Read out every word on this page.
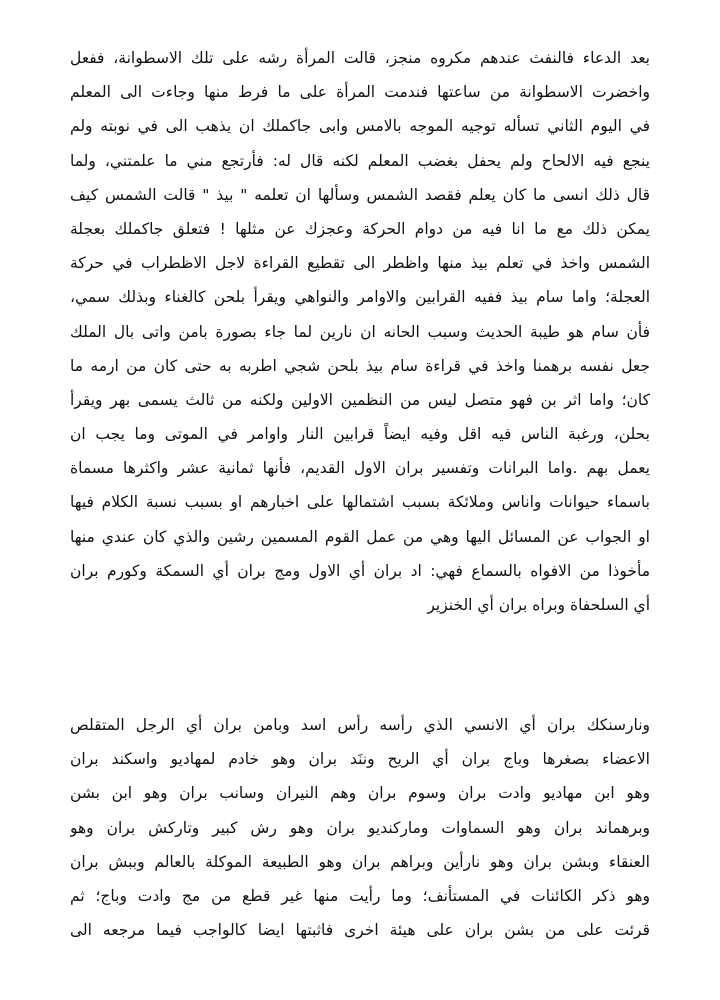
بعد الدعاء فالنفث عندهم مكروه منجز، قالت المرأة رشه على تلك الاسطوانة، ففعل
واخضرت الاسطوانة من ساعتها فندمت المرأة على ما فرط منها وجاءت الى المعلم
في اليوم الثاني تسأله توجيه الموجه بالامس وابى جاكملك ان يذهب الى في نوبته ولم
ينجع فيه الالحاح ولم يحفل بغضب المعلم لكنه قال له: فأرتجع مني ما علمتني، ولما
قال ذلك انسى ما كان يعلم فقصد الشمس وسألها ان تعلمه " بيذ " قالت الشمس كيف
يمكن ذلك مع ما انا فيه من دوام الحركة وعجزك عن مثلها ! فتعلق جاكملك بعجلة
الشمس واخذ في تعلم بيذ منها واظطر الى تقطيع القراءة لاجل الاظطراب في حركة
العجلة؛ واما سام بيذ ففيه القرابين والاوامر والنواهي ويقرأ بلحن كالغناء وبذلك سمي،
فأن سام هو طيبة الحديث وسبب الحانه ان نارين لما جاء بصورة بامن واتى بال الملك
جعل نفسه برهمنا واخذ في قراءة سام بيذ بلحن شجي اطربه به حتى كان من ارمه ما
كان؛ واما اثر بن فهو متصل ليس من النظمين الاولين ولكنه من ثالث يسمى بهر ويقرأ
بحلن، ورغبة الناس فيه اقل وفيه ايضاً قرابين النار واوامر في الموتى وما يجب ان
يعمل بهم .واما البرانات وتفسير بران الاول القديم، فأنها ثمانية عشر واكثرها مسماة
باسماء حيوانات واناس وملائكة بسبب اشتمالها على اخبارهم او بسبب نسبة الكلام فيها
او الجواب عن المسائل اليها وهي من عمل القوم المسمين رشين والذي كان عندي منها
مأخوذا من الافواه بالسماع فهي: اد بران أي الاول ومج بران أي السمكة وكورم بران
أي السلحفاة وبراه بران أي الخنزير
ونارسنكك بران أي الانسي الذي رأسه رأس اسد وبامن بران أي الرجل المتقلص
الاعضاء بصغرها وباج بران أي الريح وننَد بران وهو خادم لمهاديو واسكند بران
وهو ابن مهاديو وادت بران وسوم بران وهم النيران وسانب بران وهو ابن بشن
وبرهماند بران وهو السماوات وماركنديو بران وهو رش كبير وتاركش بران وهو
العنقاء وبشن بران وهو نارأين وبراهم بران وهو الطبيعة الموكلة بالعالم وببش بران
وهو ذكر الكائنات في المستأنف؛ وما رأيت منها غير قطع من مج وادت وباج؛ ثم
قرئت على من بشن بران على هيئة اخرى فاثبتها ايضا كالواجب فيما مرجعه الى
